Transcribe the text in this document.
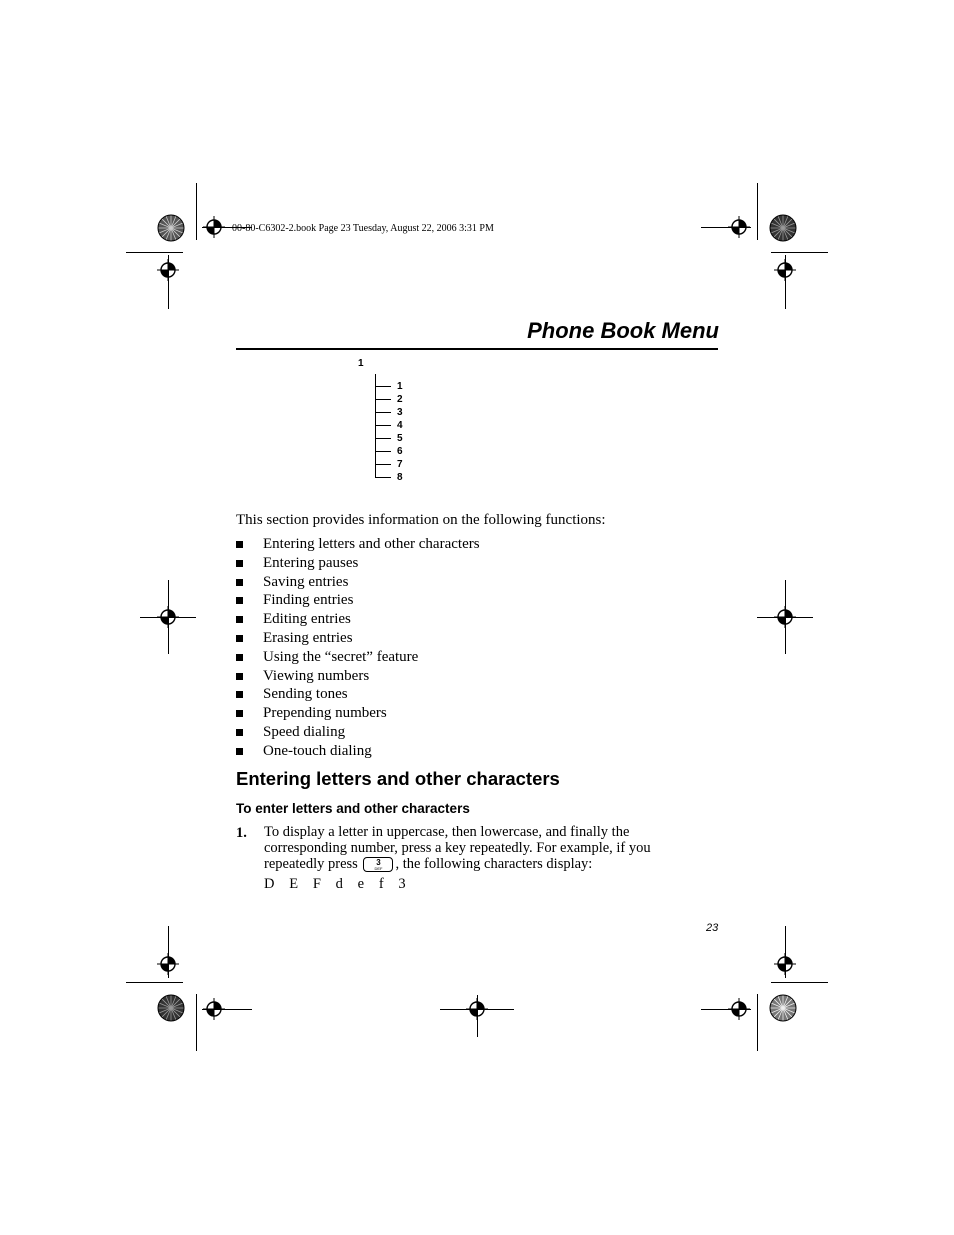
00-80-C6302-2.book Page 23 Tuesday, August 22, 2006 3:31 PM
Phone Book Menu
1
1
2
3
4
5
6
7
8
This section provides information on the following functions:
Entering letters and other characters
Entering pauses
Saving entries
Finding entries
Editing entries
Erasing entries
Using the “secret” feature
Viewing numbers
Sending tones
Prepending numbers
Speed dialing
One-touch dialing
Entering letters and other characters
To enter letters and other characters
1. To display a letter in uppercase, then lowercase, and finally the corresponding number, press a key repeatedly. For example, if you repeatedly press	3
DEF , the following characters display:
D  E  F  d  e  f  3
23
